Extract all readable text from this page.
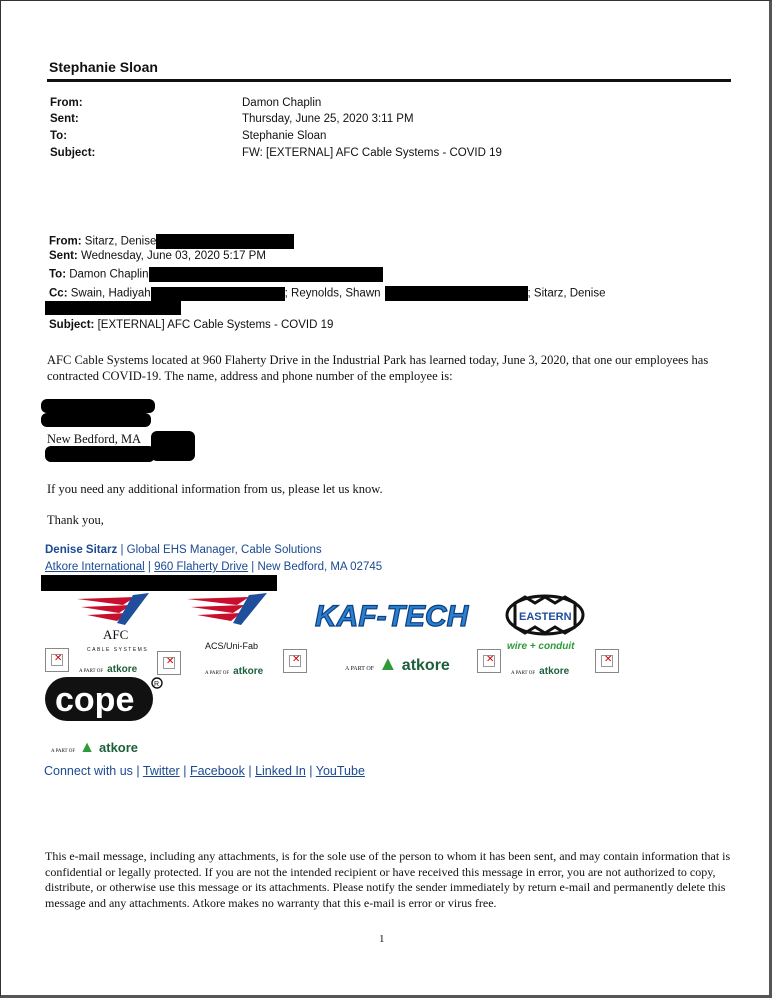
Stephanie Sloan
From:	Damon Chaplin
Sent:	Thursday, June 25, 2020 3:11 PM
To:	Stephanie Sloan
Subject:	FW: [EXTERNAL] AFC Cable Systems - COVID 19
From: Sitarz, Denise
Sent: Wednesday, June 03, 2020 5:17 PM
To: Damon Chaplin
Cc: Swain, Hadiyah	; Reynolds, Shawn	; Sitarz, Denise
Subject: [EXTERNAL] AFC Cable Systems - COVID 19
AFC Cable Systems located at 960 Flaherty Drive in the Industrial Park has learned today, June 3, 2020, that one our employees has contracted COVID-19. The name, address and phone number of the employee is:
New Bedford, MA
If you need any additional information from us, please let us know.
Thank you,
Denise Sitarz | Global EHS Manager, Cable Solutions
Atkore International | 960 Flaherty Drive | New Bedford, MA 02745
AFC
CABLE SYSTEMS	ACS/Uni-Fab
KAF-TECH	EASTERN
wire + conduit
✕	✕	✕	✕	✕
A PART OF atkore	A PART OF atkore	A PART OF ▲ atkore	A PART OF atkore
cope	R
A PART OF ▲ atkore
Connect with us | Twitter | Facebook | Linked In | YouTube
This e-mail message, including any attachments, is for the sole use of the person to whom it has been sent, and may contain information that is confidential or legally protected. If you are not the intended recipient or have received this message in error, you are not authorized to copy, distribute, or otherwise use this message or its attachments. Please notify the sender immediately by return e-mail and permanently delete this message and any attachments. Atkore makes no warranty that this e-mail is error or virus free.
1
